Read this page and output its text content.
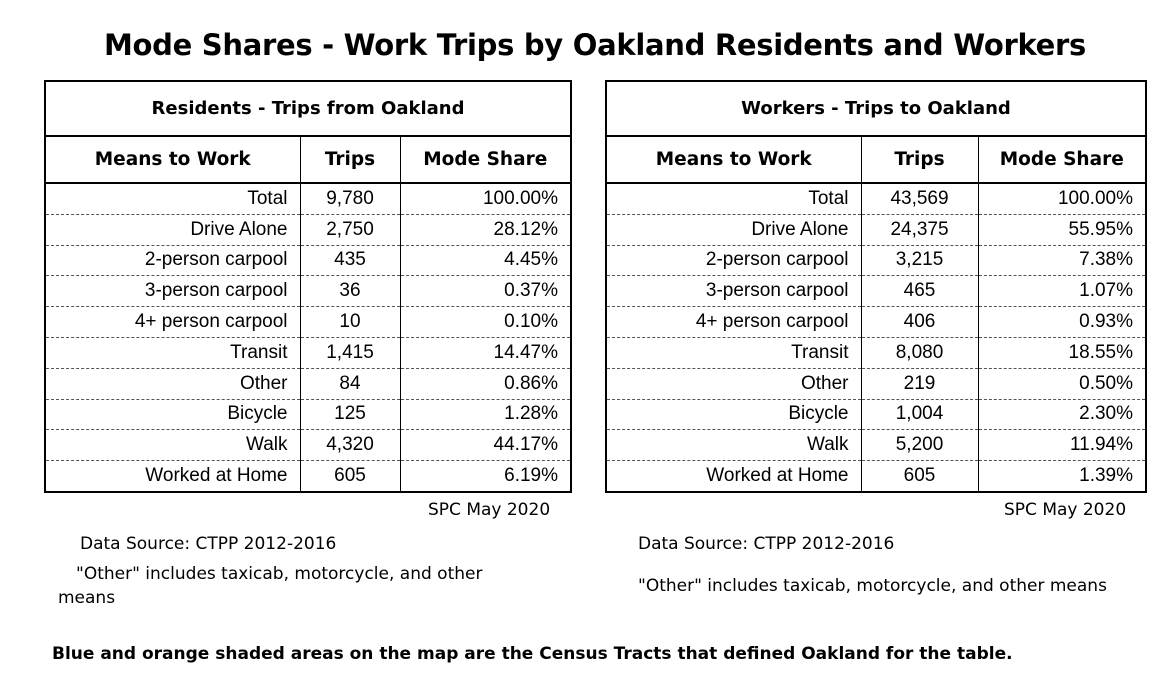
Mode Shares - Work Trips by Oakland Residents and Workers
Residents - Trips from Oakland		
Means to Work	Trips	Mode Share
Total	9,780	100.00%
Drive Alone	2,750	28.12%
2-person carpool	435	4.45%
3-person carpool	36	0.37%
4+ person carpool	10	0.10%
Transit	1,415	14.47%
Other	84	0.86%
Bicycle	125	1.28%
Walk	4,320	44.17%
Worked at Home	605	6.19%
Workers - Trips to Oakland		
Means to Work	Trips	Mode Share
Total	43,569	100.00%
Drive Alone	24,375	55.95%
2-person carpool	3,215	7.38%
3-person carpool	465	1.07%
4+ person carpool	406	0.93%
Transit	8,080	18.55%
Other	219	0.50%
Bicycle	1,004	2.30%
Walk	5,200	11.94%
Worked at Home	605	1.39%
SPC May 2020	SPC May 2020
Data Source: CTPP 2012-2016	Data Source: CTPP 2012-2016
"Other" includes taxicab, motorcycle, and other means
"Other" includes taxicab, motorcycle, and other means
Blue and orange shaded areas on the map are the Census Tracts that defined Oakland for the table.
